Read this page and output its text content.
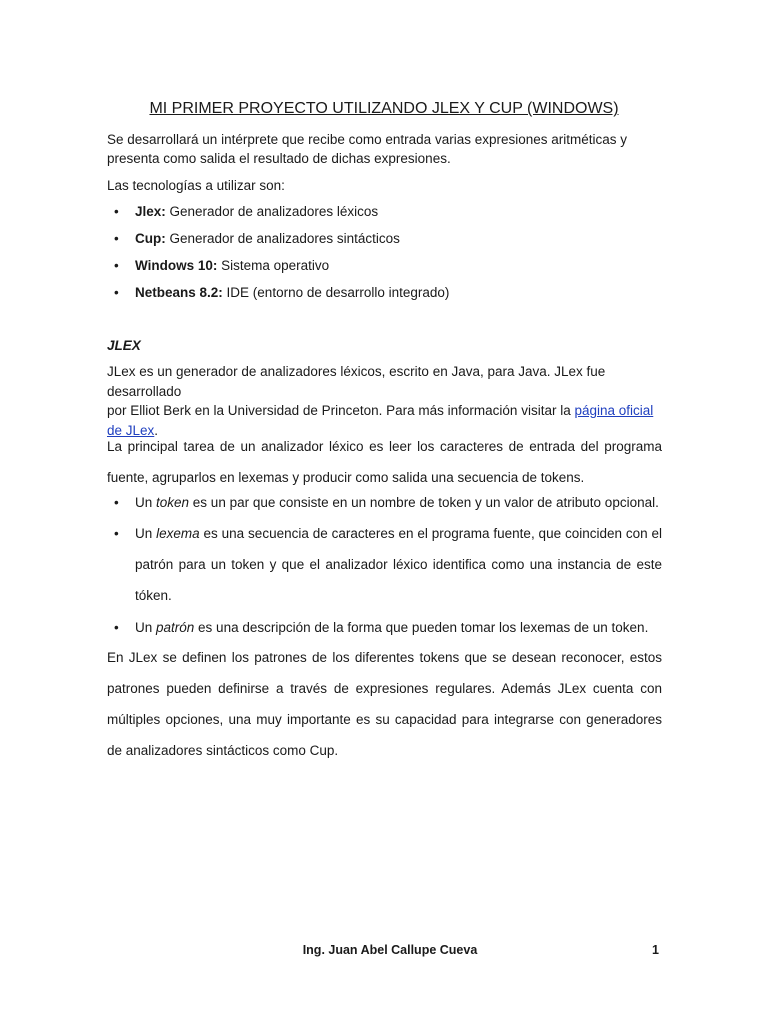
MI PRIMER PROYECTO UTILIZANDO JLEX Y CUP (WINDOWS)

Se desarrollará un intérprete que recibe como entrada varias expresiones aritméticas y
presenta como salida el resultado de dichas expresiones.

Las tecnologías a utilizar son:

• Jlex: Generador de analizadores léxicos
• Cup: Generador de analizadores sintácticos
• Windows 10: Sistema operativo
• Netbeans 8.2: IDE (entorno de desarrollo integrado)

JLEX

JLex es un generador de analizadores léxicos, escrito en Java, para Java. JLex fue desarrollado
por Elliot Berk en la Universidad de Princeton. Para más información visitar la página oficial
de JLex.

La principal tarea de un analizador léxico es leer los caracteres de entrada del programa
fuente, agruparlos en lexemas y producir como salida una secuencia de tokens.

• Un token es un par que consiste en un nombre de token y un valor de atributo opcional.
• Un lexema es una secuencia de caracteres en el programa fuente, que coinciden con el
patrón para un token y que el analizador léxico identifica como una instancia de este
tóken.
• Un patrón es una descripción de la forma que pueden tomar los lexemas de un token.

En JLex se definen los patrones de los diferentes tokens que se desean reconocer, estos
patrones pueden definirse a través de expresiones regulares. Además JLex cuenta con
múltiples opciones, una muy importante es su capacidad para integrarse con generadores
de analizadores sintácticos como Cup.

Ing. Juan Abel Callupe Cueva	1
